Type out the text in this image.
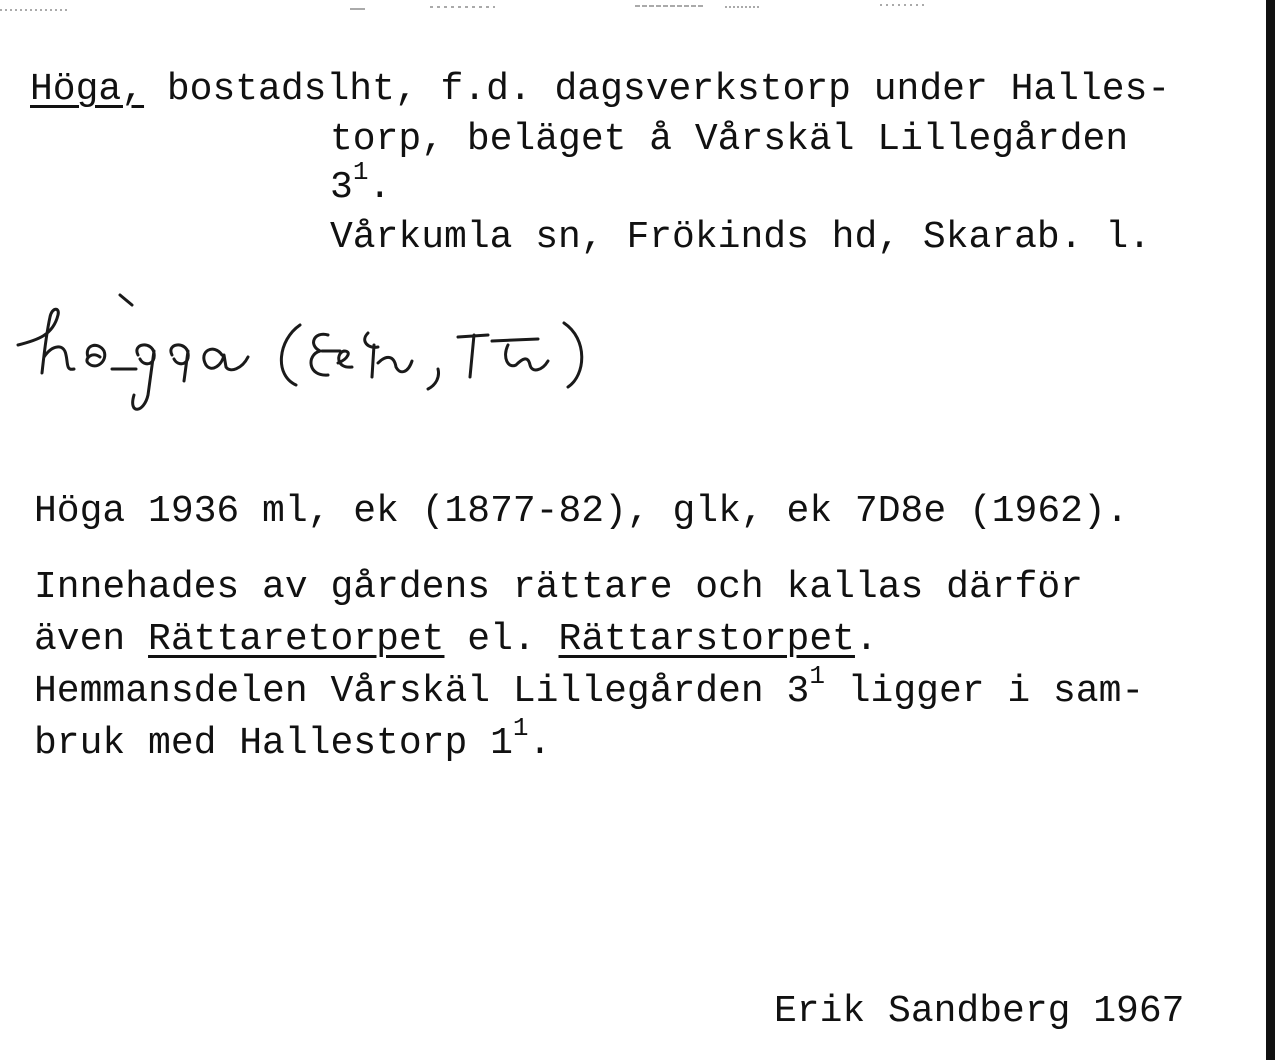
Höga, bostadslht, f.d. dagsverkstorp under Halles-
torp, beläget å Vårskäl Lillegården
$3^1$.
Vårkumla sn, Frökinds hd, Skarab. l.
Höga 1936 ml, ek (1877-82), glk, ek 7D8e (1962).
Innehades av gårdens rättare och kallas därför
även Rättaretorpet el. Rättarstorpet.
Hemmansdelen Vårskäl Lillegården $3^1$ ligger i sam-
bruk med Hallestorp $1^1$.
Erik Sandberg 1967
